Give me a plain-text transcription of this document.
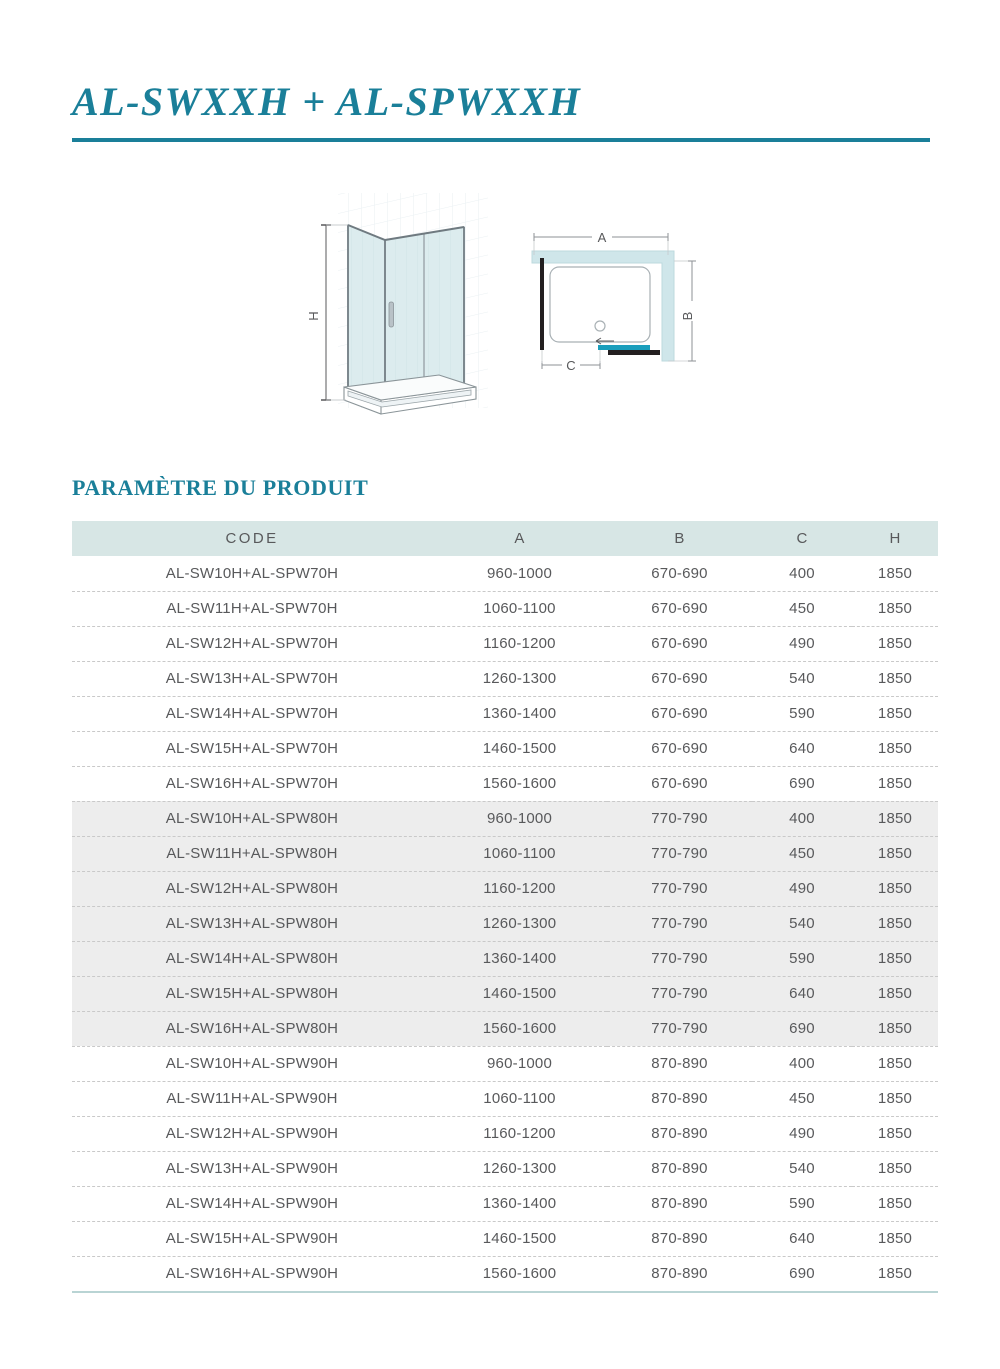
AL-SWXXH + AL-SPWXXH
H
A
B
C
PARAMÈTRE DU PRODUIT
CODE	A	B	C	H
AL-SW10H+AL-SPW70H	960-1000	670-690	400	1850
AL-SW11H+AL-SPW70H	1060-1100	670-690	450	1850
AL-SW12H+AL-SPW70H	1160-1200	670-690	490	1850
AL-SW13H+AL-SPW70H	1260-1300	670-690	540	1850
AL-SW14H+AL-SPW70H	1360-1400	670-690	590	1850
AL-SW15H+AL-SPW70H	1460-1500	670-690	640	1850
AL-SW16H+AL-SPW70H	1560-1600	670-690	690	1850
AL-SW10H+AL-SPW80H	960-1000	770-790	400	1850
AL-SW11H+AL-SPW80H	1060-1100	770-790	450	1850
AL-SW12H+AL-SPW80H	1160-1200	770-790	490	1850
AL-SW13H+AL-SPW80H	1260-1300	770-790	540	1850
AL-SW14H+AL-SPW80H	1360-1400	770-790	590	1850
AL-SW15H+AL-SPW80H	1460-1500	770-790	640	1850
AL-SW16H+AL-SPW80H	1560-1600	770-790	690	1850
AL-SW10H+AL-SPW90H	960-1000	870-890	400	1850
AL-SW11H+AL-SPW90H	1060-1100	870-890	450	1850
AL-SW12H+AL-SPW90H	1160-1200	870-890	490	1850
AL-SW13H+AL-SPW90H	1260-1300	870-890	540	1850
AL-SW14H+AL-SPW90H	1360-1400	870-890	590	1850
AL-SW15H+AL-SPW90H	1460-1500	870-890	640	1850
AL-SW16H+AL-SPW90H	1560-1600	870-890	690	1850
